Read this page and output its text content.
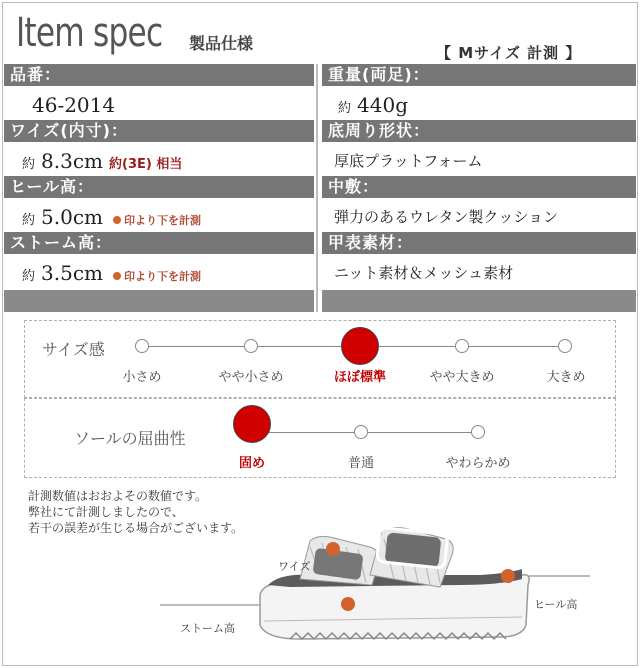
Item spec 製品仕様	【 Mサイズ 計測 】
品番：
46-2014
ワイズ(内寸)：
約 8.3cm 約(3E) 相当
ヒール高：
約 5.0cm 印より下を計測
ストーム高：
約 3.5cm 印より下を計測
重量(両足)：
約 440g
底周り形状：
厚底プラットフォーム
中敷：
弾力のあるウレタン製クッション
甲表素材：
ニット素材＆メッシュ素材
サイズ感
小さめ	やや小さめ	ほぼ標準	やや大きめ	大きめ
ソールの屈曲性
固め	普通	やわらかめ
計測数値はおおよその数値です。
弊社にて計測しましたので、
若干の誤差が生じる場合がございます。
ワイズ
ヒール高
ストーム高
